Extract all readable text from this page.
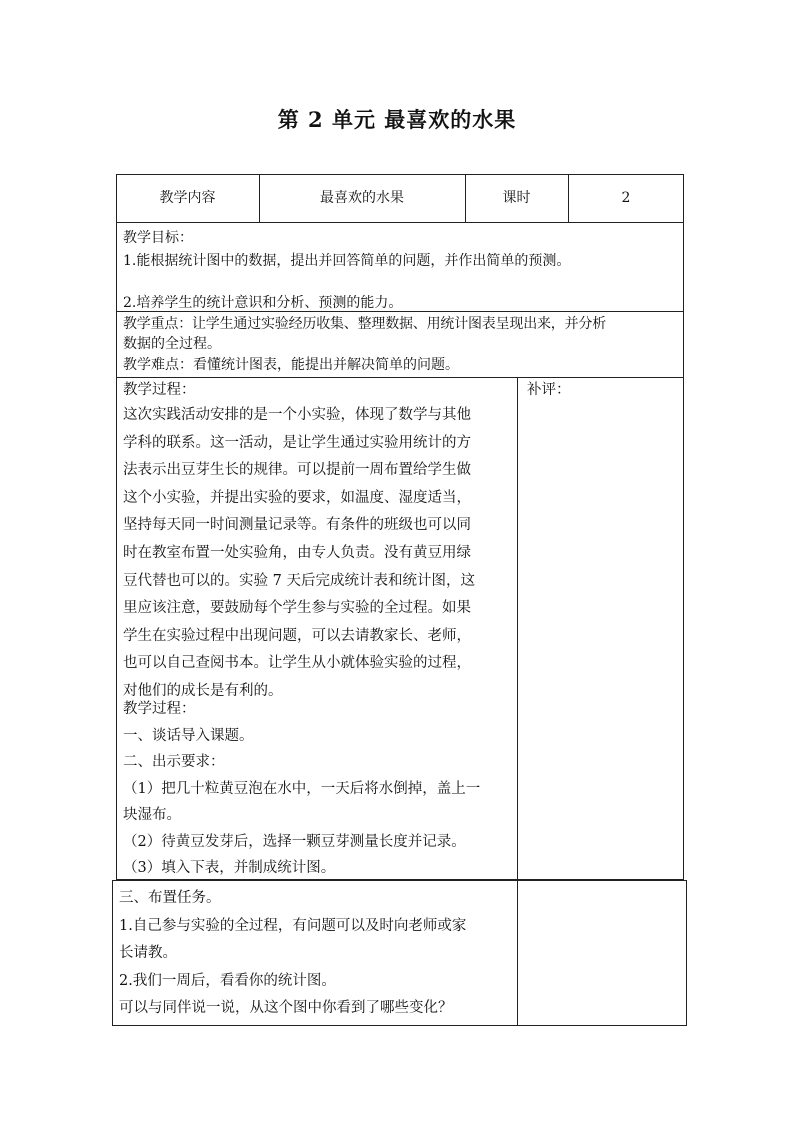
第 2 单元 最喜欢的水果
教学内容	最喜欢的水果	课时	2
教学目标：
1.能根据统计图中的数据，提出并回答简单的问题，并作出简单的预测。
2.培养学生的统计意识和分析、预测的能力。
教学重点：让学生通过实验经历收集、整理数据、用统计图表呈现出来，并分析
数据的全过程。
教学难点：看懂统计图表，能提出并解决简单的问题。
教学过程：	补评：
这次实践活动安排的是一个小实验，体现了数学与其他
学科的联系。这一活动，是让学生通过实验用统计的方
法表示出豆芽生长的规律。可以提前一周布置给学生做
这个小实验，并提出实验的要求，如温度、湿度适当，
坚持每天同一时间测量记录等。有条件的班级也可以同
时在教室布置一处实验角，由专人负责。没有黄豆用绿
豆代替也可以的。实验 7 天后完成统计表和统计图，这
里应该注意，要鼓励每个学生参与实验的全过程。如果
学生在实验过程中出现问题，可以去请教家长、老师，
也可以自己查阅书本。让学生从小就体验实验的过程，
对他们的成长是有利的。
教学过程：
一、谈话导入课题。
二、出示要求：
（1）把几十粒黄豆泡在水中，一天后将水倒掉，盖上一
块湿布。
（2）待黄豆发芽后，选择一颗豆芽测量长度并记录。
（3）填入下表，并制成统计图。
三、布置任务。
1.自己参与实验的全过程，有问题可以及时向老师或家
长请教。
2.我们一周后，看看你的统计图。
可以与同伴说一说，从这个图中你看到了哪些变化？
